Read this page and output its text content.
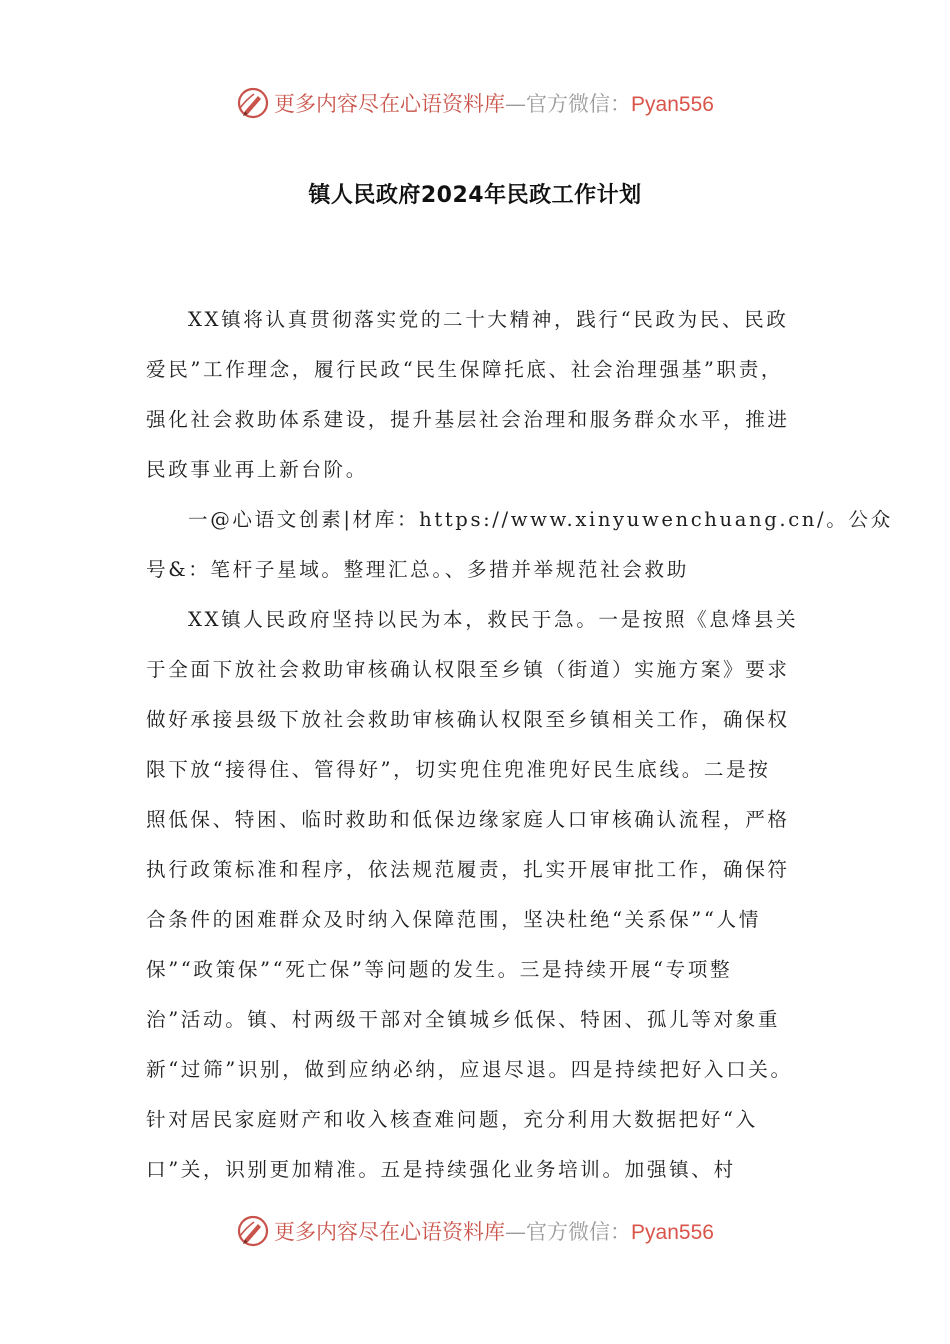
更多内容尽在心语资料库—官方微信：Pyan556
镇人民政府2024年民政工作计划
XX镇将认真贯彻落实党的二十大精神，践行“民政为民、民政
爱民”工作理念，履行民政“民生保障托底、社会治理强基”职责，
强化社会救助体系建设，提升基层社会治理和服务群众水平，推进
民政事业再上新台阶。
一@心语文创素|材库：https://www.xinyuwenchuang.cn/。公众
号&：笔杆子星域。整理汇总。、多措并举规范社会救助
XX镇人民政府坚持以民为本，救民于急。一是按照《息烽县关
于全面下放社会救助审核确认权限至乡镇（街道）实施方案》要求
做好承接县级下放社会救助审核确认权限至乡镇相关工作，确保权
限下放“接得住、管得好”，切实兜住兜准兜好民生底线。二是按
照低保、特困、临时救助和低保边缘家庭人口审核确认流程，严格
执行政策标准和程序，依法规范履责，扎实开展审批工作，确保符
合条件的困难群众及时纳入保障范围，坚决杜绝“关系保”“人情
保”“政策保”“死亡保”等问题的发生。三是持续开展“专项整
治”活动。镇、村两级干部对全镇城乡低保、特困、孤儿等对象重
新“过筛”识别，做到应纳必纳，应退尽退。四是持续把好入口关。
针对居民家庭财产和收入核查难问题，充分利用大数据把好“入
口”关，识别更加精准。五是持续强化业务培训。加强镇、村
更多内容尽在心语资料库—官方微信：Pyan556
